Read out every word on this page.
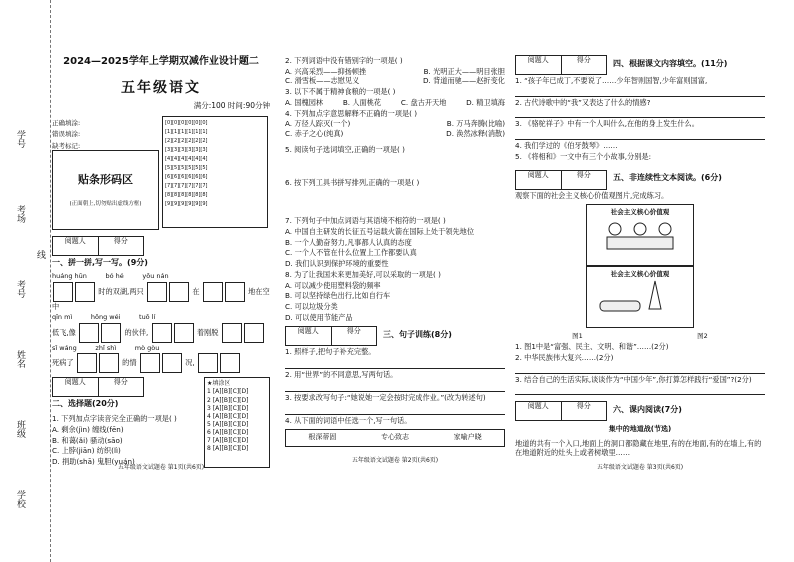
学号
考场
考号
姓名
班级
学校
线
2024—2025学年上学期双减作业设计题二
五年级语文
满分:100 时间:90分钟
正确填涂:
错误填涂:
缺考标记:
贴条形码区
(正面朝上,切勿贴出虚线方框)
[0][0][0][0][0][0]
[1][1][1][1][1][1]
[2][2][2][2][2][2]
[3][3][3][3][3][3]
[4][4][4][4][4][4]
[5][5][5][5][5][5]
[6][6][6][6][6][6]
[7][7][7][7][7][7]
[8][8][8][8][8][8]
[9][9][9][9][9][9]
阅题人	得分
一、拼一拼,写一写。(9分)
huáng hūn	bó hé	yōu nán
时的双湖,两只	在	地在空中
qīn mì	hōng wéi	tuō lí
低飞,像	的伙伴,	着刚脱
sǐ wáng	zhǐ shì	mò gòu
死病了	的情	况,
阅题人	得分
二、选择题(20分)
1. 下列加点字读音完全正确的一项是( )
A. 剩余(jìn) 缠线(fēn)
B. 和蔼(ǎi) 骚动(sāo)
C. 上脖(jiān) 纺织(lì)
D. 捐助(shā) 鬼胆(yuán)
★填涂区
1 [A][B][C][D]
2 [A][B][C][D]
3 [A][B][C][D]
4 [A][B][C][D]
5 [A][B][C][D]
6 [A][B][C][D]
7 [A][B][C][D]
8 [A][B][C][D]
五年级语文试题卷 第1页(共6页)
2. 下列词语中没有错别字的一项是( )
A. 兴高采烈——抑扬顿挫	B. 光明正大——明目张胆
C. 滑雪板——志慰见义	D. 背道而驰——赵折变化
3. 以下不属于精神食粮的一项是( )
A. 国槐园林	B. 人面桃花	C. 盘古开天地	D. 精卫填海
4. 下列加点字意思解释不正确的一项是( )
A. 万径人踪灭(一个)	B. 万马奔腾(比喻)
C. 赤子之心(纯真)	D. 涣然冰释(消散)
5. 阅读句子选词填空,正确的一项是( )
6. 按下列工具书拼写排列,正确的一项是( )
7. 下列句子中加点词语与其语境不相符的一项是( )
A. 中国自主研发的长征五号运载火箭在国际上处于领先地位
B. 一个人勤奋努力,凡事都人认真的态度
C. 一个人不管在什么位置上工作都要认真
D. 我们认识到保护环境的重要性
8. 为了让我国未来更加美好,可以采取的一项是( )
A. 可以减少使用塑料袋的频率
B. 可以坚持绿色出行,比如自行车
C. 可以垃圾分类
D. 可以使用节能产品
阅题人	得分	三、句子训练(8分)
1. 照样子,把句子补充完整。
2. 用“世界”的不同意思,写两句话。
3. 按要求改写句子:“她说她一定会按时完成作业。”(改为转述句)
4. 从下面的词语中任选一个,写一句话。
根深蒂固	专心致志	家喻户晓
五年级语文试题卷 第2页(共6页)
阅题人	得分	四、根据课文内容填空。(11分)
1. “孩子年已成丁,不要说了……少年智则国智,少年富则国富,
2. 古代诗歌中的“我”又表达了什么的情感?
3. 《骆驼祥子》中有一个人叫什么,在他的身上发生什么。
4. 我们学过的《伯牙鼓琴》……
5. 《将相和》一文中有三个小故事,分别是:
阅题人	得分	五、非连续性文本阅读。(6分)
观察下面的社会主义核心价值观图片,完成练习。
社会主义核心价值观

社会主义核心价值观
图1	图2
1. 图1中是“富强、民主、文明、和谐”……(2分)
2. 中华民族伟大复兴……(2分)
3. 结合自己的生活实际,谈谈作为“中国少年”,你打算怎样践行“爱国”?(2分)
阅题人	得分	六、课内阅读(7分)
集中的地道战(节选)
地道的共有一个入口,地面上的洞口都隐藏在地里,有的在地面,有的在墙上,有的在地道附近的灶头上或者树墩里……
五年级语文试题卷 第3页(共6页)
